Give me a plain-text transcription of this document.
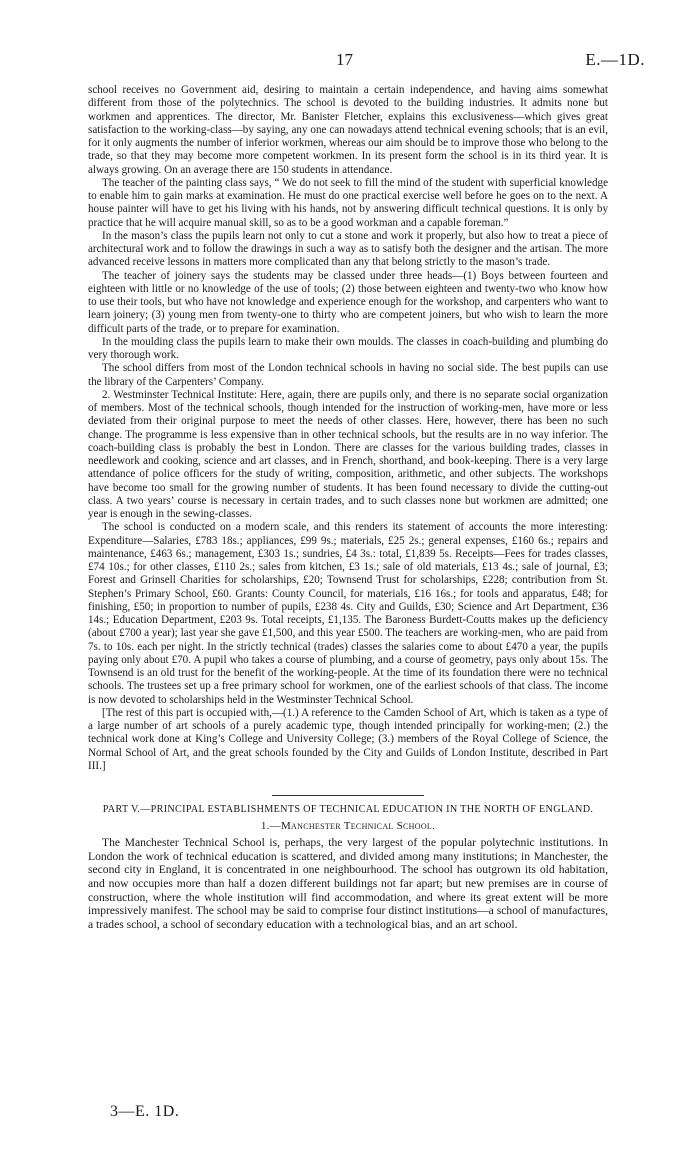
17	E.—1D.

school receives no Government aid, desiring to maintain a certain independence, and having aims somewhat different from those of the polytechnics. The school is devoted to the building industries. It admits none but workmen and apprentices. The director, Mr. Banister Fletcher, explains this exclusiveness—which gives great satisfaction to the working-class—by saying, any one can nowadays attend technical evening schools; that is an evil, for it only augments the number of inferior workmen, whereas our aim should be to improve those who belong to the trade, so that they may become more competent workmen. In its present form the school is in its third year. It is always growing. On an average there are 150 students in attendance.

The teacher of the painting class says, “ We do not seek to fill the mind of the student with superficial knowledge to enable him to gain marks at examination. He must do one practical exercise well before he goes on to the next. A house painter will have to get his living with his hands, not by answering difficult technical questions. It is only by practice that he will acquire manual skill, so as to be a good workman and a capable foreman.”

In the mason’s class the pupils learn not only to cut a stone and work it properly, but also how to treat a piece of architectural work and to follow the drawings in such a way as to satisfy both the designer and the artisan. The more advanced receive lessons in matters more complicated than any that belong strictly to the mason’s trade.

The teacher of joinery says the students may be classed under three heads—(1) Boys between fourteen and eighteen with little or no knowledge of the use of tools; (2) those between eighteen and twenty-two who know how to use their tools, but who have not knowledge and experience enough for the workshop, and carpenters who want to learn joinery; (3) young men from twenty-one to thirty who are competent joiners, but who wish to learn the more difficult parts of the trade, or to prepare for examination.

In the moulding class the pupils learn to make their own moulds. The classes in coach-building and plumbing do very thorough work.

The school differs from most of the London technical schools in having no social side. The best pupils can use the library of the Carpenters’ Company.

2. Westminster Technical Institute: Here, again, there are pupils only, and there is no separate social organization of members. Most of the technical schools, though intended for the instruction of working-men, have more or less deviated from their original purpose to meet the needs of other classes. Here, however, there has been no such change. The programme is less expensive than in other technical schools, but the results are in no way inferior. The coach-building class is probably the best in London. There are classes for the various building trades, classes in needlework and cooking, science and art classes, and in French, shorthand, and book-keeping. There is a very large attendance of police officers for the study of writing, composition, arithmetic, and other subjects. The workshops have become too small for the growing number of students. It has been found necessary to divide the cutting-out class. A two years’ course is necessary in certain trades, and to such classes none but workmen are admitted; one year is enough in the sewing-classes.

The school is conducted on a modern scale, and this renders its statement of accounts the more interesting: Expenditure—Salaries, £783 18s.; appliances, £99 9s.; materials, £25 2s.; general expenses, £160 6s.; repairs and maintenance, £463 6s.; management, £303 1s.; sundries, £4 3s.: total, £1,839 5s. Receipts—Fees for trades classes, £74 10s.; for other classes, £110 2s.; sales from kitchen, £3 1s.; sale of old materials, £13 4s.; sale of journal, £3; Forest and Grinsell Charities for scholarships, £20; Townsend Trust for scholarships, £228; contribution from St. Stephen’s Primary School, £60. Grants: County Council, for materials, £16 16s.; for tools and apparatus, £48; for finishing, £50; in proportion to number of pupils, £238 4s. City and Guilds, £30; Science and Art Department, £36 14s.; Education Department, £203 9s. Total receipts, £1,135. The Baroness Burdett-Coutts makes up the deficiency (about £700 a year); last year she gave £1,500, and this year £500. The teachers are working-men, who are paid from 7s. to 10s. each per night. In the strictly technical (trades) classes the salaries come to about £470 a year, the pupils paying only about £70. A pupil who takes a course of plumbing, and a course of geometry, pays only about 15s. The Townsend is an old trust for the benefit of the working-people. At the time of its foundation there were no technical schools. The trustees set up a free primary school for workmen, one of the earliest schools of that class. The income is now devoted to scholarships held in the Westminster Technical School.

[The rest of this part is occupied with,—(1.) A reference to the Camden School of Art, which is taken as a type of a large number of art schools of a purely academic type, though intended principally for working-men; (2.) the technical work done at King’s College and University College; (3.) members of the Royal College of Science, the Normal School of Art, and the great schools founded by the City and Guilds of London Institute, described in Part III.]

PART V.—PRINCIPAL ESTABLISHMENTS OF TECHNICAL EDUCATION IN THE NORTH OF ENGLAND.
1.—Manchester Technical School.

The Manchester Technical School is, perhaps, the very largest of the popular polytechnic institutions. In London the work of technical education is scattered, and divided among many institutions; in Manchester, the second city in England, it is concentrated in one neighbourhood. The school has outgrown its old habitation, and now occupies more than half a dozen different buildings not far apart; but new premises are in course of construction, where the whole institution will find accommodation, and where its great extent will be more impressively manifest. The school may be said to comprise four distinct institutions—a school of manufactures, a trades school, a school of secondary education with a technological bias, and an art school.

3—E. 1D.
